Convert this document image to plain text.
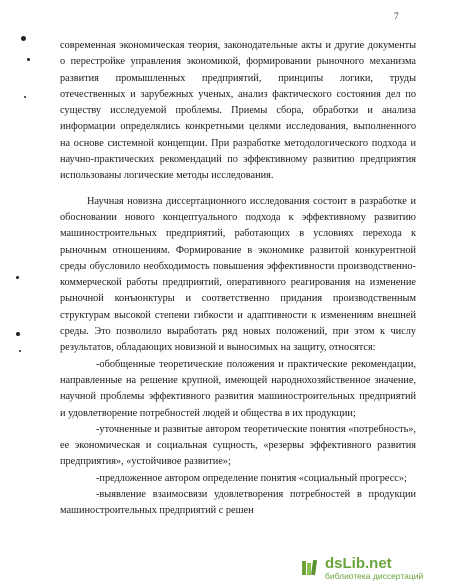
7
современная экономическая теория, законодательные акты и другие документы
о перестройке управления экономикой, формировании рыночного механизма
развития промышленных предприятий, принципы логики, труды
отечественных и зарубежных ученых, анализ фактического состояния дел по
существу исследуемой проблемы. Приемы сбора, обработки и анализа
информации определялись конкретными целями исследования, выполненного
на основе системной концепции. При разработке методологического подхода и
научно-практических рекомендаций по эффективному развитию предприятия
использованы логические методы исследования.
Научная новизна диссертационного исследования состоит в разработке и
обосновании нового концептуального подхода к эффективному развитию
машиностроительных предприятий, работающих в условиях перехода к
рыночным отношениям. Формирование в экономике развитой конкурентной
среды обусловило необходимость повышения эффективности производственно-
коммерческой работы предприятий, оперативного реагирования на изменение
рыночной конъюнктуры и соответственно придания производственным
структурам высокой степени гибкости и адаптивности к изменениям внешней
среды. Это позволило выработать ряд новых положений, при этом к числу
результатов, обладающих новизной и выносимых на защиту, относятся:
-обобщенные теоретические положения и практические рекомендации,
направленные на решение крупной, имеющей народнохозяйственное значение,
научной проблемы эффективного развития машиностроительных предприятий
и удовлетворение потребностей людей и общества в их продукции;
-уточненные и развитые автором теоретические понятия «потребность»,
ее экономическая и социальная сущность, «резервы эффективного развития
предприятия», «устойчивое развитие»;
-предложенное автором определение понятия «социальный прогресс»;
-выявление взаимосвязи удовлетворения потребностей в продукции
машиностроительных предприятий с решен
dsLib.net
библиотека диссертаций
